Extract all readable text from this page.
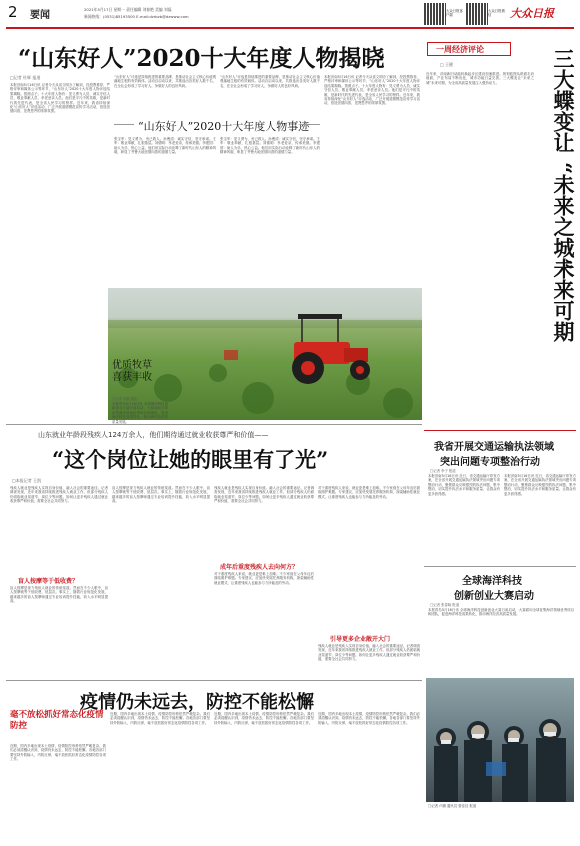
2 要闻
2021年5月17日 星期一 责任编辑 刘春艳 美编 刘磊
新闻热线：(0531)85193500 E-mail:dzrbzb@dzwww.com
大众日报客户端
大众日报微信	大众日报
“山东好人”2020十大年度人物揭晓
□记者 杜辉 报道
本报济南5月16日讯 记者今天从省文明办了解到，经投票推荐，严格评审和媒体公示等环节，“山东好人”2020十大年度人物评选结果揭晓。按照点子。十大年度人物有：见义勇为人员、诚实守信人员、敬业奉献人员、孝老爱亲人员。他们是平凡中的英雄，是新时代的先进代表，是全省人民学习的榜样。近年来，我省持续深化“山东好人”评选活动，广泛开展道德模范宣传学习活动，营造崇德向善、见贤思齐的浓厚氛围。
“山东好人”评选是持续推进的重要品牌，是推动社会主义核心价值观落地生根的有效载体。活动自启动以来，共推选出各类好人数千名，在全社会形成了学习好人、争做好人的良好风尚。
“山东好人”评选是持续推进的重要品牌，是推动社会主义核心价值观落地生根的有效载体。活动自启动以来，共推选出各类好人数千名，在全社会形成了学习好人、争做好人的良好风尚。
本报济南5月16日讯 记者今天从省文明办了解到，经投票推荐，严格评审和媒体公示等环节，“山东好人”2020十大年度人物评选结果揭晓。按照点子。十大年度人物有：见义勇为人员、诚实守信人员、敬业奉献人员、孝老爱亲人员。他们是平凡中的英雄，是新时代的先进代表，是全省人民学习的榜样。近年来，我省持续深化“山东好人”评选活动，广泛开展道德模范宣传学习活动，营造崇德向善、见贤思齐的浓厚氛围。
“山东好人”2020十大年度人物事迹
张宝军：见义勇为，舍己救人。孙俊清：诚实守信，坚守承诺。王军：敬业奉献，扎根基层。刘德明：孝老爱亲，传承美德。李建国：助人为乐，热心公益。他们用实际行动诠释了新时代山东人的精神风貌，彰显了齐鲁大地崇德向善的道德力量。
张宝军：见义勇为，舍己救人。孙俊清：诚实守信，坚守承诺。王军：敬业奉献，扎根基层。刘德明：孝老爱亲，传承美德。李建国：助人为乐，热心公益。他们用实际行动诠释了新时代山东人的精神风貌，彰显了齐鲁大地崇德向善的道德力量。
优质牧草喜获丰收
□记者 刘磊 摄影
本报青岛5月16日讯 全球海洋科技创新创业大赛日前启动，大赛面向全球征集海洋领域优秀项目和团队，促进海洋科技成果转化，推动海洋经济高质量发展。
一周经济评论
□ 王健
近年来，济南新旧动能转换起步区建设加速推进。规划蓝图从纸面走向地面，产业布局不断优化，城市功能日益完善。三大蝶变让“未来之城”未来可期，为全省高质量发展注入强劲动力。	三大蝶变让
“未来之城”
未来可期
我省开展交通运输执法领域
突出问题专项整治行动
□记者 李子 报道
本报济南5月16日讯 近日，省交通运输厅印发方案，在全省开展交通运输执法领域突出问题专项整治行动，聚焦群众反映强烈的执法问题，集中整治，切实提升执法水平和服务质量，让群众有更多获得感。
本报济南5月16日讯 近日，省交通运输厅印发方案，在全省开展交通运输执法领域突出问题专项整治行动，聚焦群众反映强烈的执法问题，集中整治，切实提升执法水平和服务质量，让群众有更多获得感。
全球海洋科技
创新创业大赛启动
□记者 张春晓 报道
本报青岛5月16日讯 全球海洋科技创新创业大赛日前启动，大赛面向全球征集海洋领域优秀项目和团队，促进海洋科技成果转化，推动海洋经济高质量发展。
□记者 卢鹏 通讯员 曾佳佳 报道
山东就业年龄段残疾人124万余人，他们期待通过就业收获尊严和价值——
“这个岗位让她的眼里有了光”
□本报记者 王凯
残疾人就业是残疾人实现自身价值、融入社会的重要途径。记者调查发现，近年来我省持续推进残疾人就业工作，但部分残疾人仍面临就业渠道窄、岗位少等问题。如何让更多残疾人通过就业收获尊严和价值，需要全社会共同努力。
盲人按摩等于低收费？
盲人按摩是视力残疾人就业的传统渠道。然而在不少人眼中，盲人按摩就等于低收费、低层次。事实上，随着行业规范化发展，越来越多的盲人按摩师通过专业培训提升技能，收入水平明显提高。
盲人按摩是视力残疾人就业的传统渠道。然而在不少人眼中，盲人按摩就等于低收费、低层次。事实上，随着行业规范化发展，越来越多的盲人按摩师通过专业培训提升技能，收入水平明显提高。
残疾人就业是残疾人实现自身价值、融入社会的重要途径。记者调查发现，近年来我省持续推进残疾人就业工作，但部分残疾人仍面临就业渠道窄、岗位少等问题。如何让更多残疾人通过就业收获尊严和价值，需要全社会共同努力。
成年后重度残疾人去向何方？
对于重度残疾人来说，就业更是难上加难。不少家庭在父母年迈后面临照护难题。专家建议，应加快发展托养服务机构，探索辅助性就业模式，让重度残疾人也能参与力所能及的劳动。
对于重度残疾人来说，就业更是难上加难。不少家庭在父母年迈后面临照护难题。专家建议，应加快发展托养服务机构，探索辅助性就业模式，让重度残疾人也能参与力所能及的劳动。
引导更多企业敞开大门
残疾人就业是残疾人实现自身价值、融入社会的重要途径。记者调查发现，近年来我省持续推进残疾人就业工作，但部分残疾人仍面临就业渠道窄、岗位少等问题。如何让更多残疾人通过就业收获尊严和价值，需要全社会共同努力。
疫情仍未远去，防控不能松懈
毫不放松抓好常态化疫情防控
近期，国内多地出现本土疫情，疫情防控形势依然严峻复杂。我们必须清醒认识到，疫情仍未远去，防控不能松懈。各地各部门要坚持外防输入、内防反弹，毫不放松抓好常态化疫情防控各项工作。
近期，国内多地出现本土疫情，疫情防控形势依然严峻复杂。我们必须清醒认识到，疫情仍未远去，防控不能松懈。各地各部门要坚持外防输入、内防反弹，毫不放松抓好常态化疫情防控各项工作。
近期，国内多地出现本土疫情，疫情防控形势依然严峻复杂。我们必须清醒认识到，疫情仍未远去，防控不能松懈。各地各部门要坚持外防输入、内防反弹，毫不放松抓好常态化疫情防控各项工作。
近期，国内多地出现本土疫情，疫情防控形势依然严峻复杂。我们必须清醒认识到，疫情仍未远去，防控不能松懈。各地各部门要坚持外防输入、内防反弹，毫不放松抓好常态化疫情防控各项工作。
